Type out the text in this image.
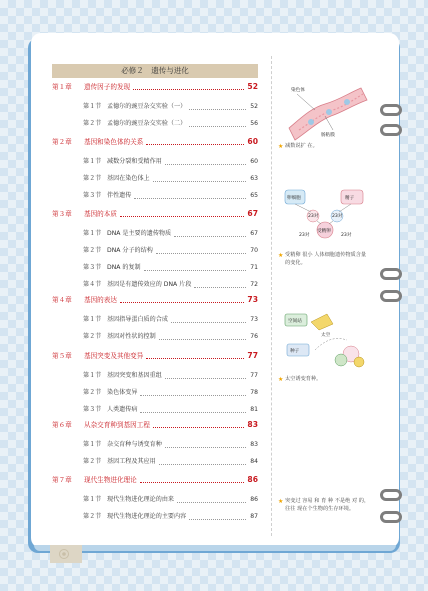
必修２　遗传与进化
第１章 遗传因子的发现	52
第１节 孟德尔的豌豆杂交实验（一）	52
第２节 孟德尔的豌豆杂交实验（二）	56
第２章 基因和染色体的关系	60
第１节 减数分裂和受精作用	60
第２节 基因在染色体上	63
第３节 伴性遗传	65
第３章 基因的本质	67
第１节 DNA 是主要的遗传物质	67
第２节 DNA 分子的结构	70
第３节 DNA 的复制	71
第４节 基因是有遗传效应的 DNA 片段	72
第４章 基因的表达	73
第１节 基因指导蛋白质的合成	73
第２节 基因对性状的控制	76
第５章 基因突变及其他变异	77
第１节 基因突变和基因重组	77
第２节 染色体变异	78
第３节 人类遗传病	81
第６章 从杂交育种到基因工程	83
第１节 杂交育种与诱变育种	83
第２节 基因工程及其应用	84
第７章 现代生物进化理论	86
第１节 现代生物进化理论的由来	86
第２节 现代生物进化理论的主要内容	87
染色体
肠粘膜
卵细胞	精子
受精卵
23对	23对
23对	23对
空间站
种子
太空
★ 减数说扩 在。
★ 受精卵 很小 人体细胞遗传物质含量的变化。
★ 太空诱变育种。
★ 突变过 容易 和 育 种 不是绝 对 的，往往 现在个生物的生存环境。
